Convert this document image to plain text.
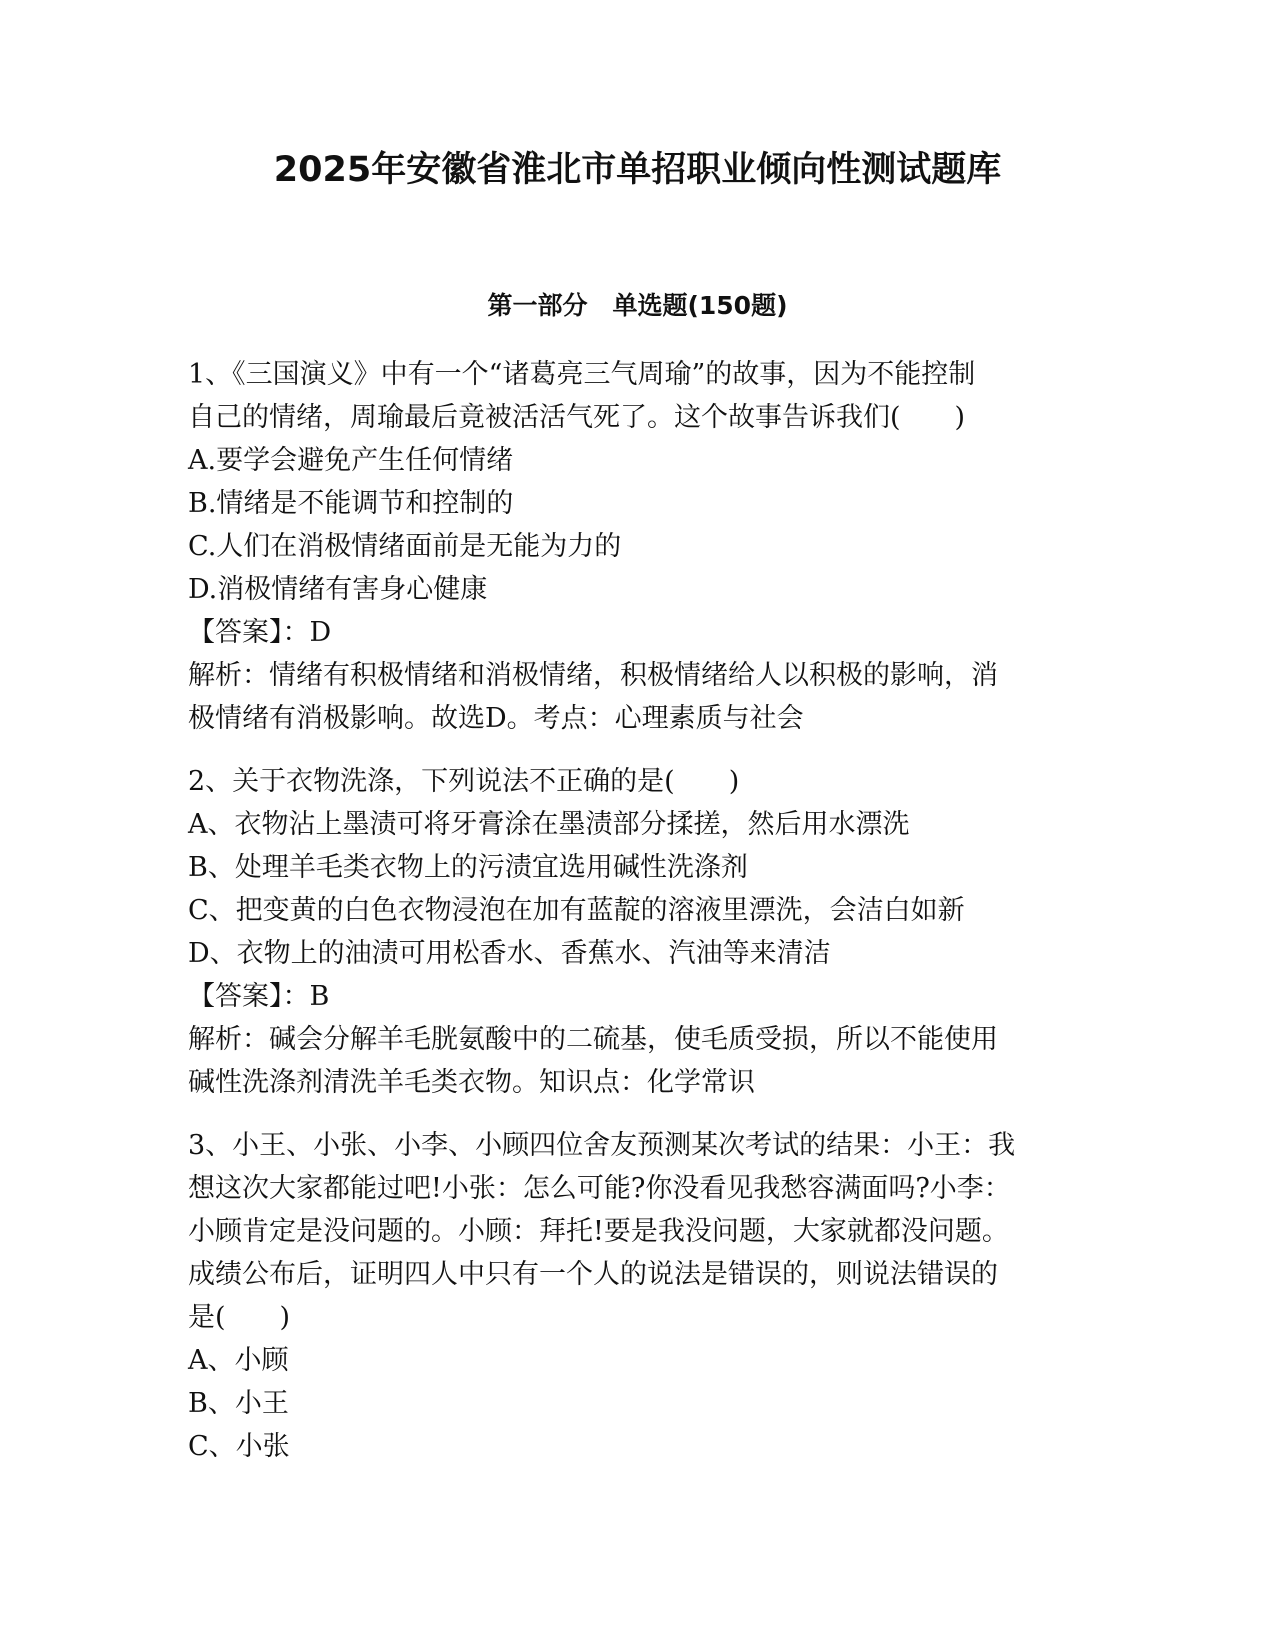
2025年安徽省淮北市单招职业倾向性测试题库
第一部分　单选题(150题)
1、《三国演义》中有一个“诸葛亮三气周瑜”的故事，因为不能控制
自己的情绪，周瑜最后竟被活活气死了。这个故事告诉我们(　　)
A.要学会避免产生任何情绪
B.情绪是不能调节和控制的
C.人们在消极情绪面前是无能为力的
D.消极情绪有害身心健康
【答案】：D
解析：情绪有积极情绪和消极情绪，积极情绪给人以积极的影响，消
极情绪有消极影响。故选D。考点：心理素质与社会
2、关于衣物洗涤，下列说法不正确的是(　　)
A、衣物沾上墨渍可将牙膏涂在墨渍部分揉搓，然后用水漂洗
B、处理羊毛类衣物上的污渍宜选用碱性洗涤剂
C、把变黄的白色衣物浸泡在加有蓝靛的溶液里漂洗，会洁白如新
D、衣物上的油渍可用松香水、香蕉水、汽油等来清洁
【答案】：B
解析：碱会分解羊毛胱氨酸中的二硫基，使毛质受损，所以不能使用
碱性洗涤剂清洗羊毛类衣物。知识点：化学常识
3、小王、小张、小李、小顾四位舍友预测某次考试的结果：小王：我
想这次大家都能过吧!小张：怎么可能?你没看见我愁容满面吗?小李：
小顾肯定是没问题的。小顾：拜托!要是我没问题，大家就都没问题。
成绩公布后，证明四人中只有一个人的说法是错误的，则说法错误的
是(　　)
A、小顾
B、小王
C、小张
